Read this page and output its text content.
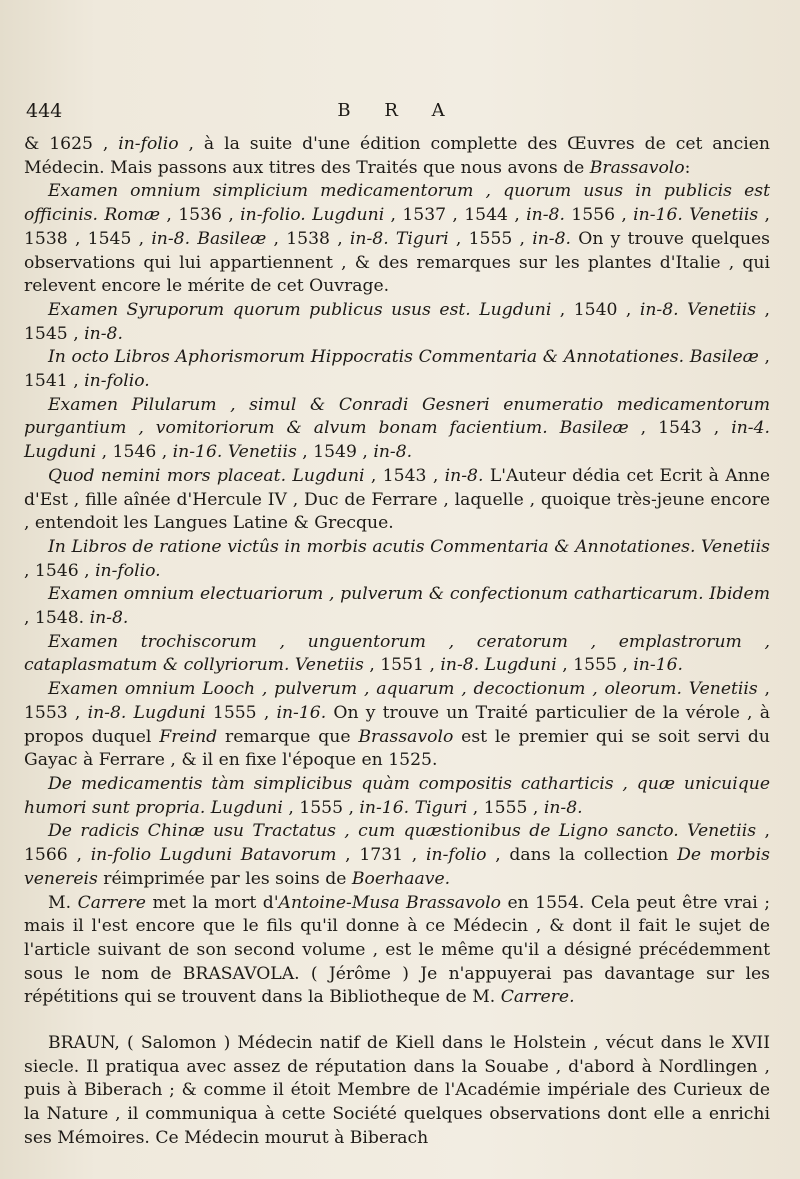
444	B R A

& 1625 , in-folio , à la suite d'une édition complette des Œuvres de cet ancien Médecin. Mais passons aux titres des Traités que nous avons de Brassavolo:

Examen omnium simplicium medicamentorum , quorum usus in publicis est officinis. Romæ , 1536 , in-folio. Lugduni , 1537 , 1544 , in-8. 1556 , in-16. Venetiis , 1538 , 1545 , in-8. Basileæ , 1538 , in-8. Tiguri , 1555 , in-8. On y trouve quelques observations qui lui appartiennent , & des remarques sur les plantes d'Italie , qui relevent encore le mérite de cet Ouvrage.

Examen Syruporum quorum publicus usus est. Lugduni , 1540 , in-8. Venetiis , 1545 , in-8.

In octo Libros Aphorismorum Hippocratis Commentaria & Annotationes. Basileæ , 1541 , in-folio.

Examen Pilularum , simul & Conradi Gesneri enumeratio medicamentorum purgantium , vomitoriorum & alvum bonam facientium. Basileæ , 1543 , in-4. Lugduni , 1546 , in-16. Venetiis , 1549 , in-8.

Quod nemini mors placeat. Lugduni , 1543 , in-8. L'Auteur dédia cet Ecrit à Anne d'Est , fille aînée d'Hercule IV , Duc de Ferrare , laquelle , quoique très-jeune encore , entendoit les Langues Latine & Grecque.

In Libros de ratione victûs in morbis acutis Commentaria & Annotationes. Venetiis , 1546 , in-folio.

Examen omnium electuariorum , pulverum & confectionum catharticarum. Ibidem , 1548. in-8.

Examen trochiscorum , unguentorum , ceratorum , emplastrorum , cataplasmatum & collyriorum. Venetiis , 1551 , in-8. Lugduni , 1555 , in-16.

Examen omnium Looch , pulverum , aquarum , decoctionum , oleorum. Venetiis , 1553 , in-8. Lugduni 1555 , in-16. On y trouve un Traité particulier de la vérole , à propos duquel Freind remarque que Brassavolo est le premier qui se soit servi du Gayac à Ferrare , & il en fixe l'époque en 1525.

De medicamentis tàm simplicibus quàm compositis catharticis , quæ unicuique humori sunt propria. Lugduni , 1555 , in-16. Tiguri , 1555 , in-8.

De radicis Chinæ usu Tractatus , cum quæstionibus de Ligno sancto. Venetiis , 1566 , in-folio Lugduni Batavorum , 1731 , in-folio , dans la collection De morbis venereis réimprimée par les soins de Boerhaave.

M. Carrere met la mort d'Antoine-Musa Brassavolo en 1554. Cela peut être vrai ; mais il l'est encore que le fils qu'il donne à ce Médecin , & dont il fait le sujet de l'article suivant de son second volume , est le même qu'il a désigné précédemment sous le nom de BRASAVOLA. ( Jérôme ) Je n'appuyerai pas davantage sur les répétitions qui se trouvent dans la Bibliotheque de M. Carrere.

BRAUN, ( Salomon ) Médecin natif de Kiell dans le Holstein , vécut dans le XVII siecle. Il pratiqua avec assez de réputation dans la Souabe , d'abord à Nordlingen , puis à Biberach ; & comme il étoit Membre de l'Académie impériale des Curieux de la Nature , il communiqua à cette Société quelques observations dont elle a enrichi ses Mémoires. Ce Médecin mourut à Biberach
